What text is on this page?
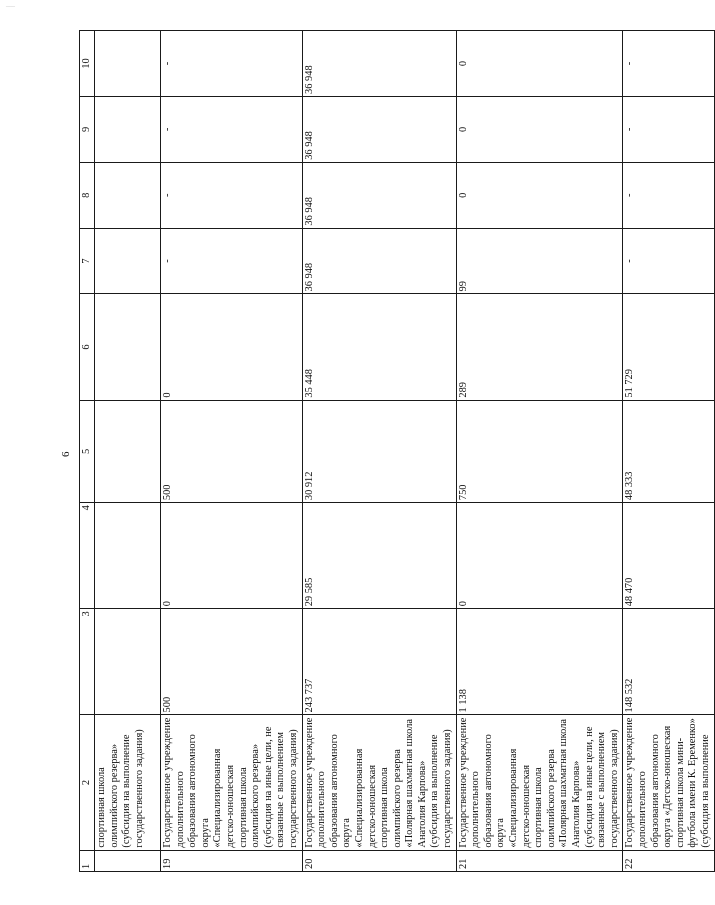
___
6
1	2	3	4	5	6	7	8	9	10
	спортивная школа олимпийского резерва» (субсидия на выполнение государственного задания)								
19	Государственное учреждение дополнительного образования автономного округа «Специализированная детско-юношеская спортивная школа олимпийского резерва» (субсидия на иные цели, не связанные с выполнением государственного задания)	500	0	500	0	-	-	-	-
20	Государственное учреждение дополнительного образования автономного округа «Специализированная детско-юношеская спортивная школа олимпийского резерва «Полярная шахматная школа Анатолия Карпова» (субсидия на выполнение государственного задания)	243 737	29 585	30 912	35 448	36 948	36 948	36 948	36 948
21	Государственное учреждение дополнительного образования автономного округа «Специализированная детско-юношеская спортивная школа олимпийского резерва «Полярная шахматная школа Анатолия Карпова» (субсидия на иные цели, не связанные с выполнением государственного задания)	1 138	0	750	289	99	0	0	0
22	Государственное учреждение дополнительного образования автономного округа «Детско-юношеская спортивная школа мини-футбола имени К. Еременко» (субсидия на выполнение	148 532	48 470	48 333	51 729	-	-	-	-
